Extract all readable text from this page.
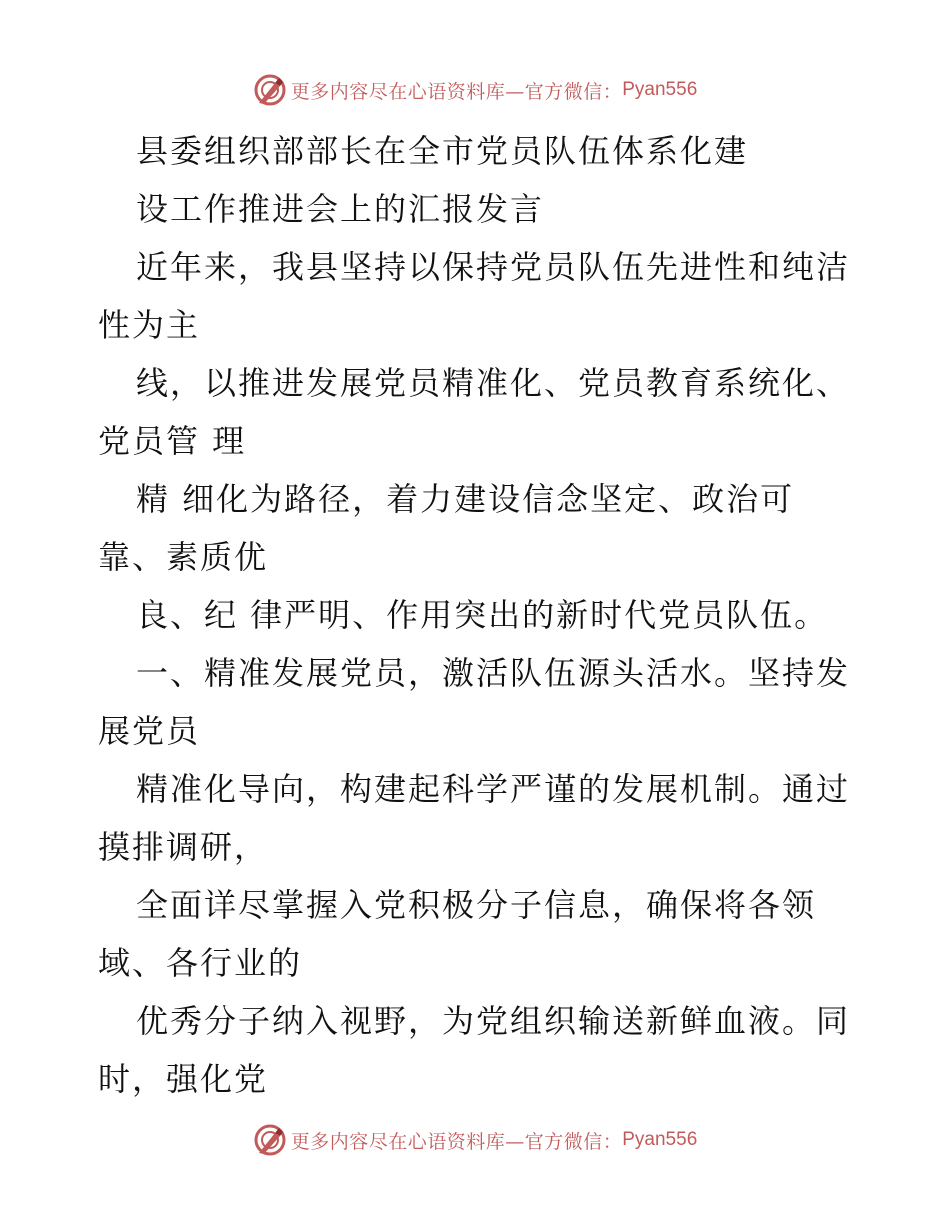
更多内容尽在心语资料库—官方微信： Pyan556
县委组织部部长在全市党员队伍体系化建
设工作推进会上的汇报发言
近年来，我县坚持以保持党员队伍先进性和纯洁
性为主
线，以推进发展党员精准化、党员教育系统化、
党员管 理
精 细化为路径，着力建设信念坚定、政治可
靠、素质优
良、纪 律严明、作用突出的新时代党员队伍。
一、精准发展党员，激活队伍源头活水。坚持发
展党员
精准化导向，构建起科学严谨的发展机制。通过
摸排调研，
全面详尽掌握入党积极分子信息，确保将各领
域、各行业的
优秀分子纳入视野，为党组织输送新鲜血液。同
时，强化党
更多内容尽在心语资料库—官方微信： Pyan556
